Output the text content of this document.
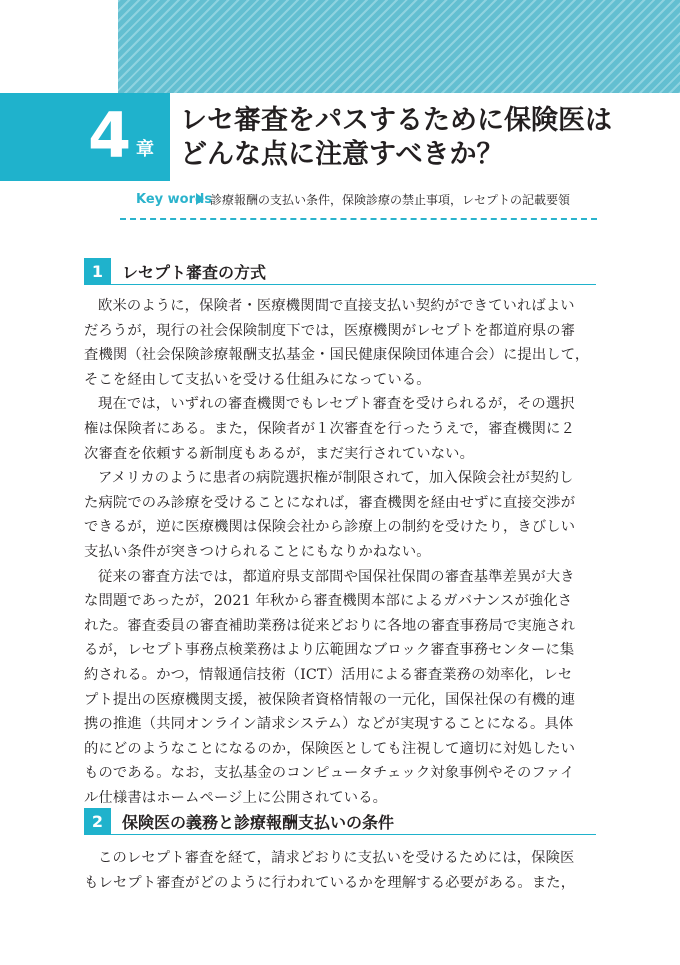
4 章
レセ審査をパスするために保険医は
どんな点に注意すべきか？
Key words
診療報酬の支払い条件，保険診療の禁止事項，レセプトの記載要領
1	レセプト審査の方式
欧米のように，保険者・医療機関間で直接支払い契約ができていればよい
だろうが，現行の社会保険制度下では，医療機関がレセプトを都道府県の審
査機関（社会保険診療報酬支払基金・国民健康保険団体連合会）に提出して，
そこを経由して支払いを受ける仕組みになっている。
現在では，いずれの審査機関でもレセプト審査を受けられるが，その選択
権は保険者にある。また，保険者が１次審査を行ったうえで，審査機関に２
次審査を依頼する新制度もあるが，まだ実行されていない。
アメリカのように患者の病院選択権が制限されて，加入保険会社が契約し
た病院でのみ診療を受けることになれば，審査機関を経由せずに直接交渉が
できるが，逆に医療機関は保険会社から診療上の制約を受けたり，きびしい
支払い条件が突きつけられることにもなりかねない。
従来の審査方法では，都道府県支部間や国保社保間の審査基準差異が大き
な問題であったが，2021 年秋から審査機関本部によるガバナンスが強化さ
れた。審査委員の審査補助業務は従来どおりに各地の審査事務局で実施され
るが，レセプト事務点検業務はより広範囲なブロック審査事務センターに集
約される。かつ，情報通信技術（ICT）活用による審査業務の効率化，レセ
プト提出の医療機関支援，被保険者資格情報の一元化，国保社保の有機的連
携の推進（共同オンライン請求システム）などが実現することになる。具体
的にどのようなことになるのか，保険医としても注視して適切に対処したい
ものである。なお，支払基金のコンピュータチェック対象事例やそのファイ
ル仕様書はホームページ上に公開されている。
2	保険医の義務と診療報酬支払いの条件
このレセプト審査を経て，請求どおりに支払いを受けるためには，保険医
もレセプト審査がどのように行われているかを理解する必要がある。また，
